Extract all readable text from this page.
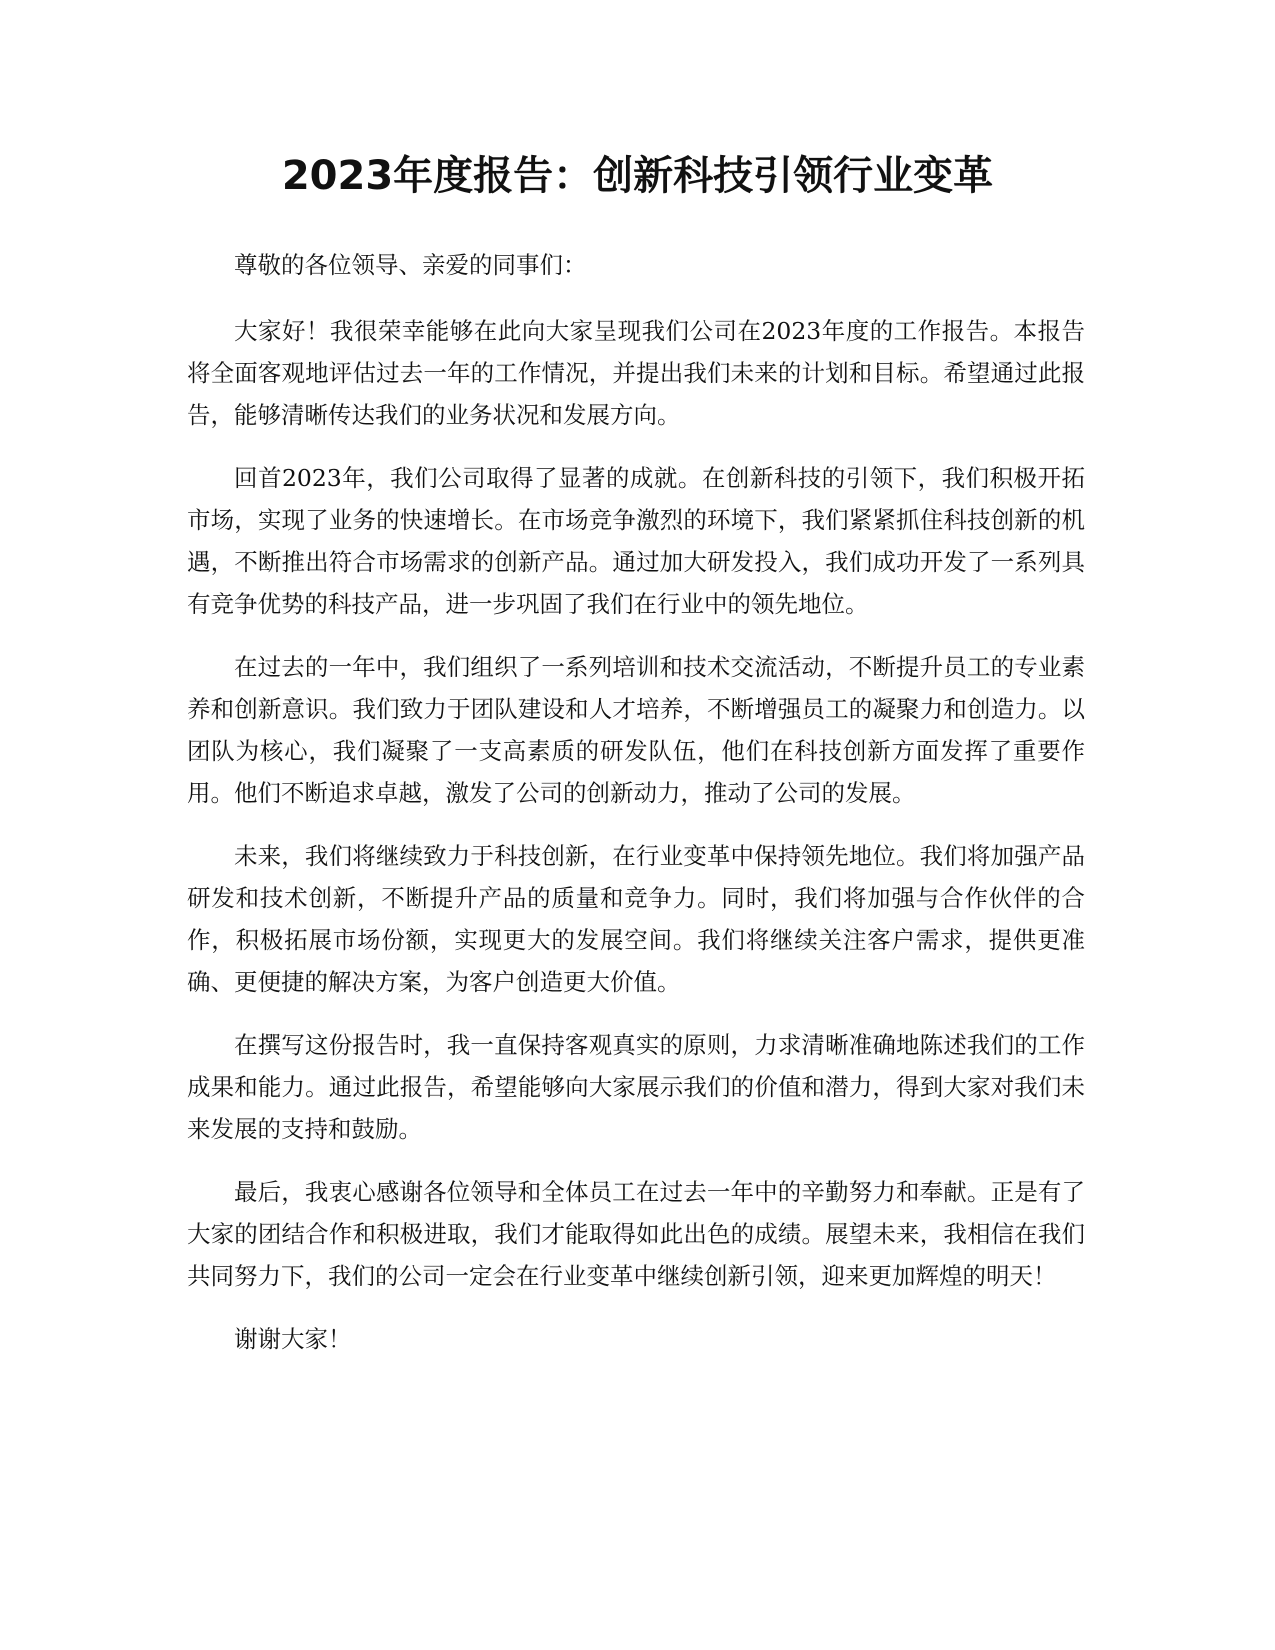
2023年度报告：创新科技引领行业变革

尊敬的各位领导、亲爱的同事们：

大家好！我很荣幸能够在此向大家呈现我们公司在2023年度的工作报告。本报告将全面客观地评估过去一年的工作情况，并提出我们未来的计划和目标。希望通过此报告，能够清晰传达我们的业务状况和发展方向。

回首2023年，我们公司取得了显著的成就。在创新科技的引领下，我们积极开拓市场，实现了业务的快速增长。在市场竞争激烈的环境下，我们紧紧抓住科技创新的机遇，不断推出符合市场需求的创新产品。通过加大研发投入，我们成功开发了一系列具有竞争优势的科技产品，进一步巩固了我们在行业中的领先地位。

在过去的一年中，我们组织了一系列培训和技术交流活动，不断提升员工的专业素养和创新意识。我们致力于团队建设和人才培养，不断增强员工的凝聚力和创造力。以团队为核心，我们凝聚了一支高素质的研发队伍，他们在科技创新方面发挥了重要作用。他们不断追求卓越，激发了公司的创新动力，推动了公司的发展。

未来，我们将继续致力于科技创新，在行业变革中保持领先地位。我们将加强产品研发和技术创新，不断提升产品的质量和竞争力。同时，我们将加强与合作伙伴的合作，积极拓展市场份额，实现更大的发展空间。我们将继续关注客户需求，提供更准确、更便捷的解决方案，为客户创造更大价值。

在撰写这份报告时，我一直保持客观真实的原则，力求清晰准确地陈述我们的工作成果和能力。通过此报告，希望能够向大家展示我们的价值和潜力，得到大家对我们未来发展的支持和鼓励。

最后，我衷心感谢各位领导和全体员工在过去一年中的辛勤努力和奉献。正是有了大家的团结合作和积极进取，我们才能取得如此出色的成绩。展望未来，我相信在我们共同努力下，我们的公司一定会在行业变革中继续创新引领，迎来更加辉煌的明天！

谢谢大家！
